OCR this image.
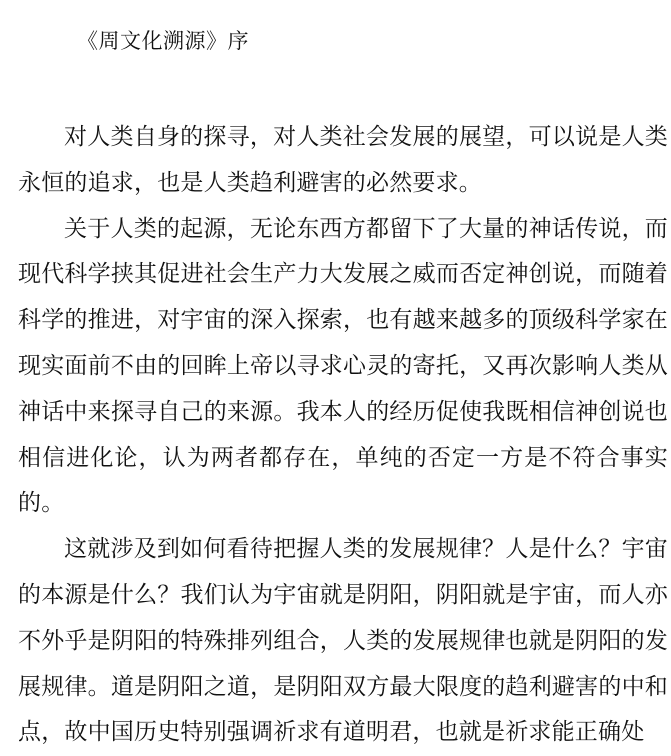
《周文化溯源》序

对人类自身的探寻，对人类社会发展的展望，可以说是人类永恒的追求，也是人类趋利避害的必然要求。

关于人类的起源，无论东西方都留下了大量的神话传说，而现代科学挟其促进社会生产力大发展之威而否定神创说，而随着科学的推进，对宇宙的深入探索，也有越来越多的顶级科学家在现实面前不由的回眸上帝以寻求心灵的寄托，又再次影响人类从神话中来探寻自己的来源。我本人的经历促使我既相信神创说也相信进化论，认为两者都存在，单纯的否定一方是不符合事实的。

这就涉及到如何看待把握人类的发展规律？人是什么？宇宙的本源是什么？我们认为宇宙就是阴阳，阴阳就是宇宙，而人亦不外乎是阴阳的特殊排列组合，人类的发展规律也就是阴阳的发展规律。道是阴阳之道，是阴阳双方最大限度的趋利避害的中和点，故中国历史特别强调祈求有道明君，也就是祈求能正确处
